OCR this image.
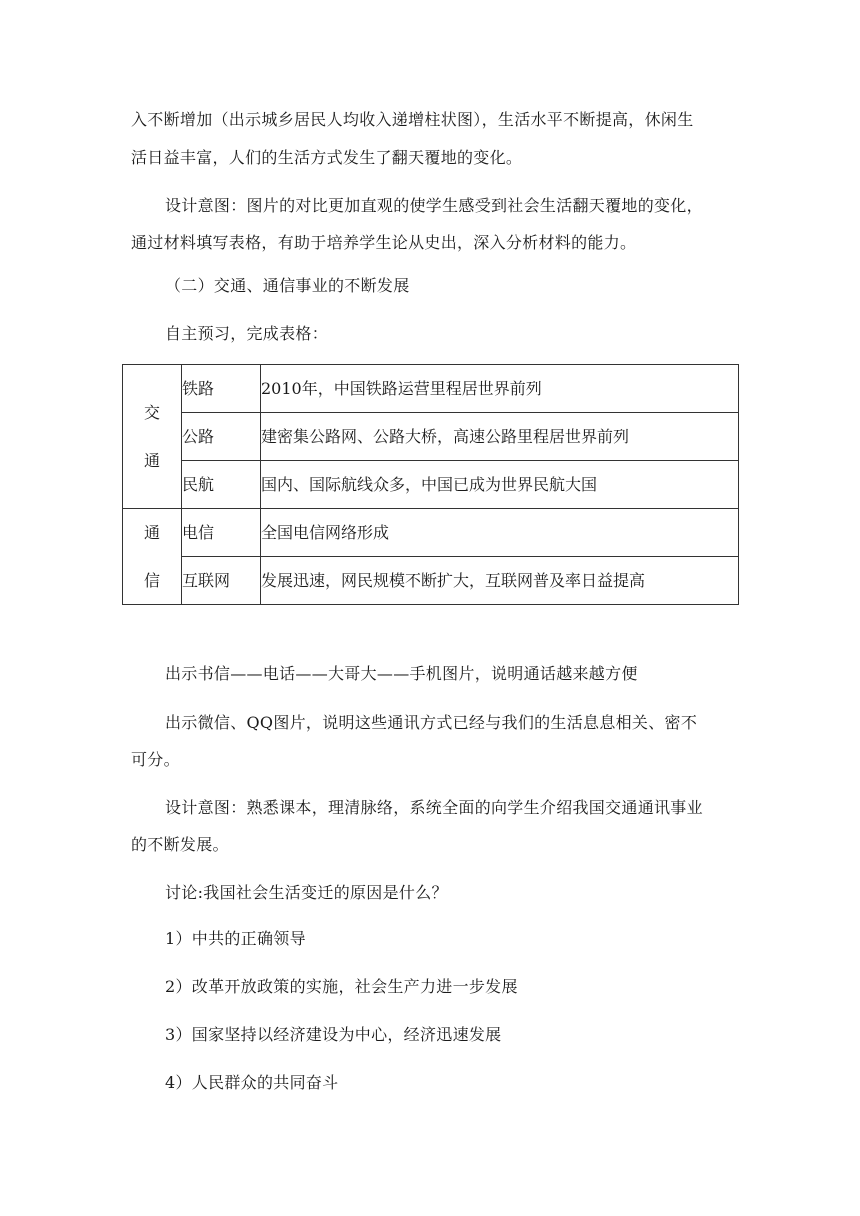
入不断增加（出示城乡居民人均收入递增柱状图），生活水平不断提高，休闲生
活日益丰富，人们的生活方式发生了翻天覆地的变化。
设计意图：图片的对比更加直观的使学生感受到社会生活翻天覆地的变化，
通过材料填写表格，有助于培养学生论从史出，深入分析材料的能力。
（二）交通、通信事业的不断发展
自主预习，完成表格：
交
通	铁路	2010年，中国铁路运营里程居世界前列
	公路	建密集公路网、公路大桥，高速公路里程居世界前列
	民航	国内、国际航线众多，中国已成为世界民航大国

通
信	电信	全国电信网络形成
	互联网	发展迅速，网民规模不断扩大，互联网普及率日益提高
出示书信——电话——大哥大——手机图片，说明通话越来越方便
出示微信、QQ图片，说明这些通讯方式已经与我们的生活息息相关、密不
可分。
设计意图：熟悉课本，理清脉络，系统全面的向学生介绍我国交通通讯事业
的不断发展。
讨论:我国社会生活变迁的原因是什么？
1）中共的正确领导
2）改革开放政策的实施，社会生产力进一步发展
3）国家坚持以经济建设为中心，经济迅速发展
4）人民群众的共同奋斗
